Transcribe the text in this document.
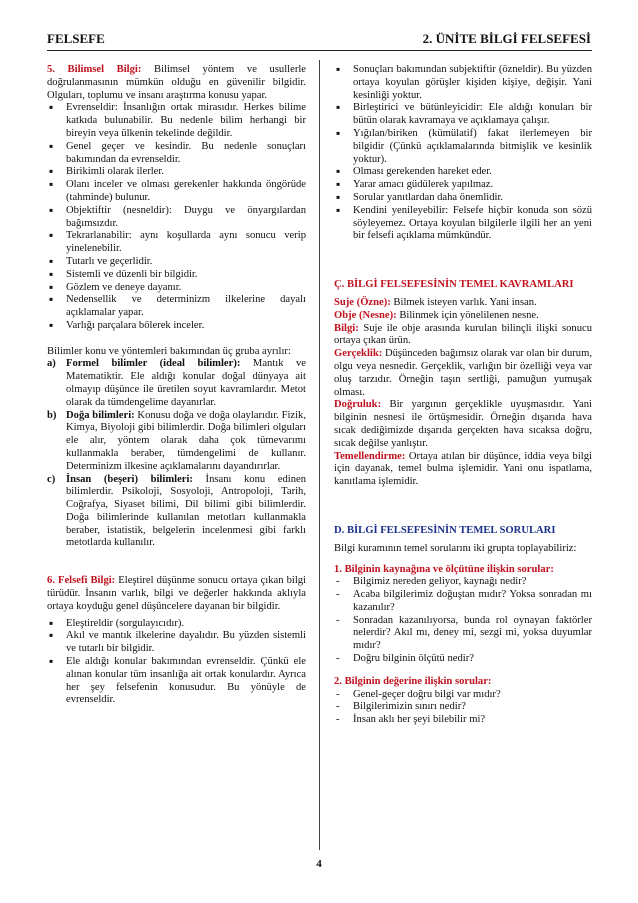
FELSEFE	2. ÜNİTE BİLGİ FELSEFESİ

5. Bilimsel Bilgi: Bilimsel yöntem ve usullerle doğrulanmasının mümkün olduğu en güvenilir bilgidir. Olguları, toplumu ve insanı araştırma konusu yapar.

▪ Evrenseldir: İnsanlığın ortak mirasıdır. Herkes bilime katkıda bulunabilir. Bu nedenle bilim herhangi bir bireyin veya ülkenin tekelinde değildir.
▪ Genel geçer ve kesindir. Bu nedenle sonuçları bakımından da evrenseldir.
▪ Birikimli olarak ilerler.
▪ Olanı inceler ve olması gerekenler hakkında öngörüde (tahminde) bulunur.
▪ Objektiftir (nesneldir): Duygu ve önyargılardan bağımsızdır.
▪ Tekrarlanabilir: aynı koşullarda aynı sonucu verip yinelenebilir.
▪ Tutarlı ve geçerlidir.
▪ Sistemli ve düzenli bir bilgidir.
▪ Gözlem ve deneye dayanır.
▪ Nedensellik ve determinizm ilkelerine dayalı açıklamalar yapar.
▪ Varlığı parçalara bölerek inceler.

Bilimler konu ve yöntemleri bakımından üç gruba ayrılır:

a) Formel bilimler (ideal bilimler): Mantık ve Matematiktir. Ele aldığı konular doğal dünyaya ait olmayıp düşünce ile üretilen soyut kavramlardır. Metot olarak da tümdengelime dayanırlar.
b) Doğa bilimleri: Konusu doğa ve doğa olaylarıdır. Fizik, Kimya, Biyoloji gibi bilimlerdir. Doğa bilimleri olguları ele alır, yöntem olarak daha çok tümevarımı kullanmakla beraber, tümdengelimi de kullanır. Determinizm ilkesine açıklamalarını dayandırırlar.
c) İnsan (beşeri) bilimleri: İnsanı konu edinen bilimlerdir. Psikoloji, Sosyoloji, Antropoloji, Tarih, Coğrafya, Siyaset bilimi, Dil bilimi gibi bilimlerdir. Doğa bilimlerinde kullanılan metotları kullanmakla beraber, istatistik, belgelerin incelenmesi gibi farklı metotlarda kullanılır.

6. Felsefi Bilgi: Eleştirel düşünme sonucu ortaya çıkan bilgi türüdür. İnsanın varlık, bilgi ve değerler hakkında aklıyla ortaya koyduğu genel düşüncelere dayanan bir bilgidir.

▪ Eleştireldir (sorgulayıcıdır).
▪ Akıl ve mantık ilkelerine dayalıdır. Bu yüzden sistemli ve tutarlı bir bilgidir.
▪ Ele aldığı konular bakımından evrenseldir. Çünkü ele alınan konular tüm insanlığa ait ortak konulardır. Ayrıca her şey felsefenin konusudur. Bu yönüyle de evrenseldir.
▪ Sonuçları bakımından subjektiftir (özneldir). Bu yüzden ortaya koyulan görüşler kişiden kişiye, değişir. Yani kesinliği yoktur.
▪ Birleştirici ve bütünleyicidir: Ele aldığı konuları bir bütün olarak kavramaya ve açıklamaya çalışır.
▪ Yığılan/biriken (kümülatif) fakat ilerlemeyen bir bilgidir (Çünkü açıklamalarında bitmişlik ve kesinlik yoktur).
▪ Olması gerekenden hareket eder.
▪ Yarar amacı güdülerek yapılmaz.
▪ Sorular yanıtlardan daha önemlidir.
▪ Kendini yenileyebilir: Felsefe hiçbir konuda son sözü söyleyemez. Ortaya koyulan bilgilerle ilgili her an yeni bir felsefi açıklama mümkündür.
Ç. BİLGİ FELSEFESİNİN TEMEL KAVRAMLARI

Suje (Özne): Bilmek isteyen varlık. Yani insan.

Obje (Nesne): Bilinmek için yönelilenen nesne.

Bilgi: Suje ile obje arasında kurulan bilinçli ilişki sonucu ortaya çıkan ürün.

Gerçeklik: Düşünceden bağımsız olarak var olan bir durum, olgu veya nesnedir. Gerçeklik, varlığın bir özelliği veya var oluş tarzıdır. Örneğin taşın sertliği, pamuğun yumuşak olması.

Doğruluk: Bir yargının gerçeklikle uyuşmasıdır. Yani bilginin nesnesi ile örtüşmesidir. Örneğin dışarıda hava sıcak dediğimizde dışarıda gerçekten hava sıcaksa doğru, sıcak değilse yanlıştır.

Temellendirme: Ortaya atılan bir düşünce, iddia veya bilgi için dayanak, temel bulma işlemidir. Yani onu ispatlama, kanıtlama işlemidir.

D. BİLGİ FELSEFESİNİN TEMEL SORULARI

Bilgi kuramının temel sorularını iki grupta toplayabiliriz:

1. Bilginin kaynağına ve ölçütüne ilişkin sorular:
- Bilgimiz nereden geliyor, kaynağı nedir?
- Acaba bilgilerimiz doğuştan mıdır? Yoksa sonradan mı kazanılır?
- Sonradan kazanılıyorsa, bunda rol oynayan faktörler nelerdir? Akıl mı, deney mi, sezgi mi, yoksa duyumlar mıdır?
- Doğru bilginin ölçütü nedir?
2. Bilginin değerine ilişkin sorular:
- Genel-geçer doğru bilgi var mıdır?
- Bilgilerimizin sınırı nedir?
- İnsan aklı her şeyi bilebilir mi?
4
